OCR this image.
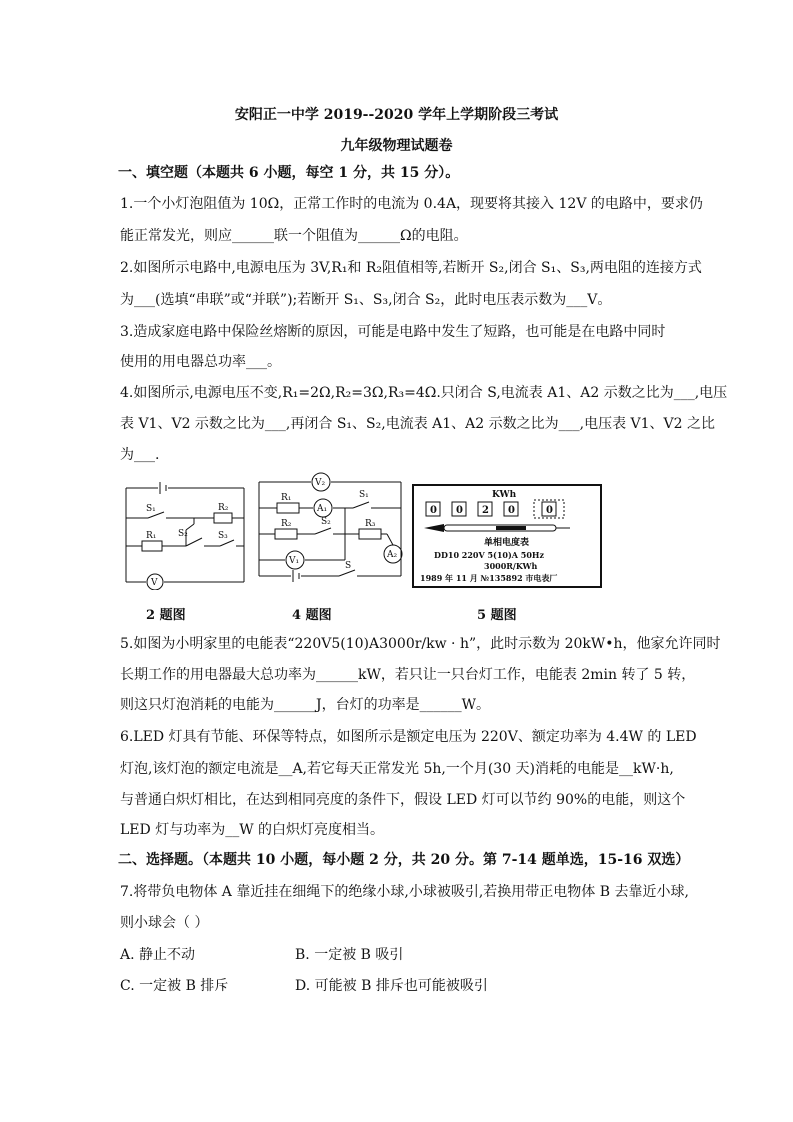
安阳正一中学 2019--2020 学年上学期阶段三考试
九年级物理试题卷
一、填空题（本题共 6 小题，每空 1 分，共 15 分）。
1.一个小灯泡阻值为 10Ω，正常工作时的电流为 0.4A，现要将其接入 12V 的电路中，要求仍
能正常发光，则应______联一个阻值为______Ω的电阻。
2.如图所示电路中,电源电压为 3V,R₁和 R₂阻值相等,若断开 S₂,闭合 S₁、S₃,两电阻的连接方式
为___(选填“串联”或“并联”);若断开 S₁、S₃,闭合 S₂，此时电压表示数为___V。
3.造成家庭电路中保险丝熔断的原因，可能是电路中发生了短路，也可能是在电路中同时
使用的用电器总功率___。
4.如图所示,电源电压不变,R₁=2Ω,R₂=3Ω,R₃=4Ω.只闭合 S,电流表 A1、A2 示数之比为___,电压
表 V1、V2 示数之比为___,再闭合 S₁、S₂,电流表 A1、A2 示数之比为___,电压表 V1、V2 之比
为___.
S₁	R₂
S₂
R₁	S₃
V
V₂
R₁
A₁
S₁
R₂	S₂	R₃
A₂
V₁	S
KWh
0 0 2 0	0
单相电度表
DD10 220V 5(10)A 50Hz
3000R/KWh
1989 年 11 月 №135892 市电表厂
2 题图	4 题图	5 题图
5.如图为小明家里的电能表“220V5(10)A3000r/kw · h”，此时示数为 20kW•h，他家允许同时
长期工作的用电器最大总功率为______kW，若只让一只台灯工作，电能表 2min 转了 5 转，
则这只灯泡消耗的电能为______J，台灯的功率是______W。
6.LED 灯具有节能、环保等特点，如图所示是额定电压为 220V、额定功率为 4.4W 的 LED
灯泡,该灯泡的额定电流是__A,若它每天正常发光 5h,一个月(30 天)消耗的电能是__kW·h,
与普通白炽灯相比，在达到相同亮度的条件下，假设 LED 灯可以节约 90%的电能，则这个
LED 灯与功率为__W 的白炽灯亮度相当。
二、选择题。（本题共 10 小题，每小题 2 分，共 20 分。第 7-14 题单选，15-16 双选）
7.将带负电物体 A 靠近挂在细绳下的绝缘小球,小球被吸引,若换用带正电物体 B 去靠近小球,
则小球会（ ）
A. 静止不动	B. 一定被 B 吸引
C. 一定被 B 排斥	D. 可能被 B 排斥也可能被吸引
